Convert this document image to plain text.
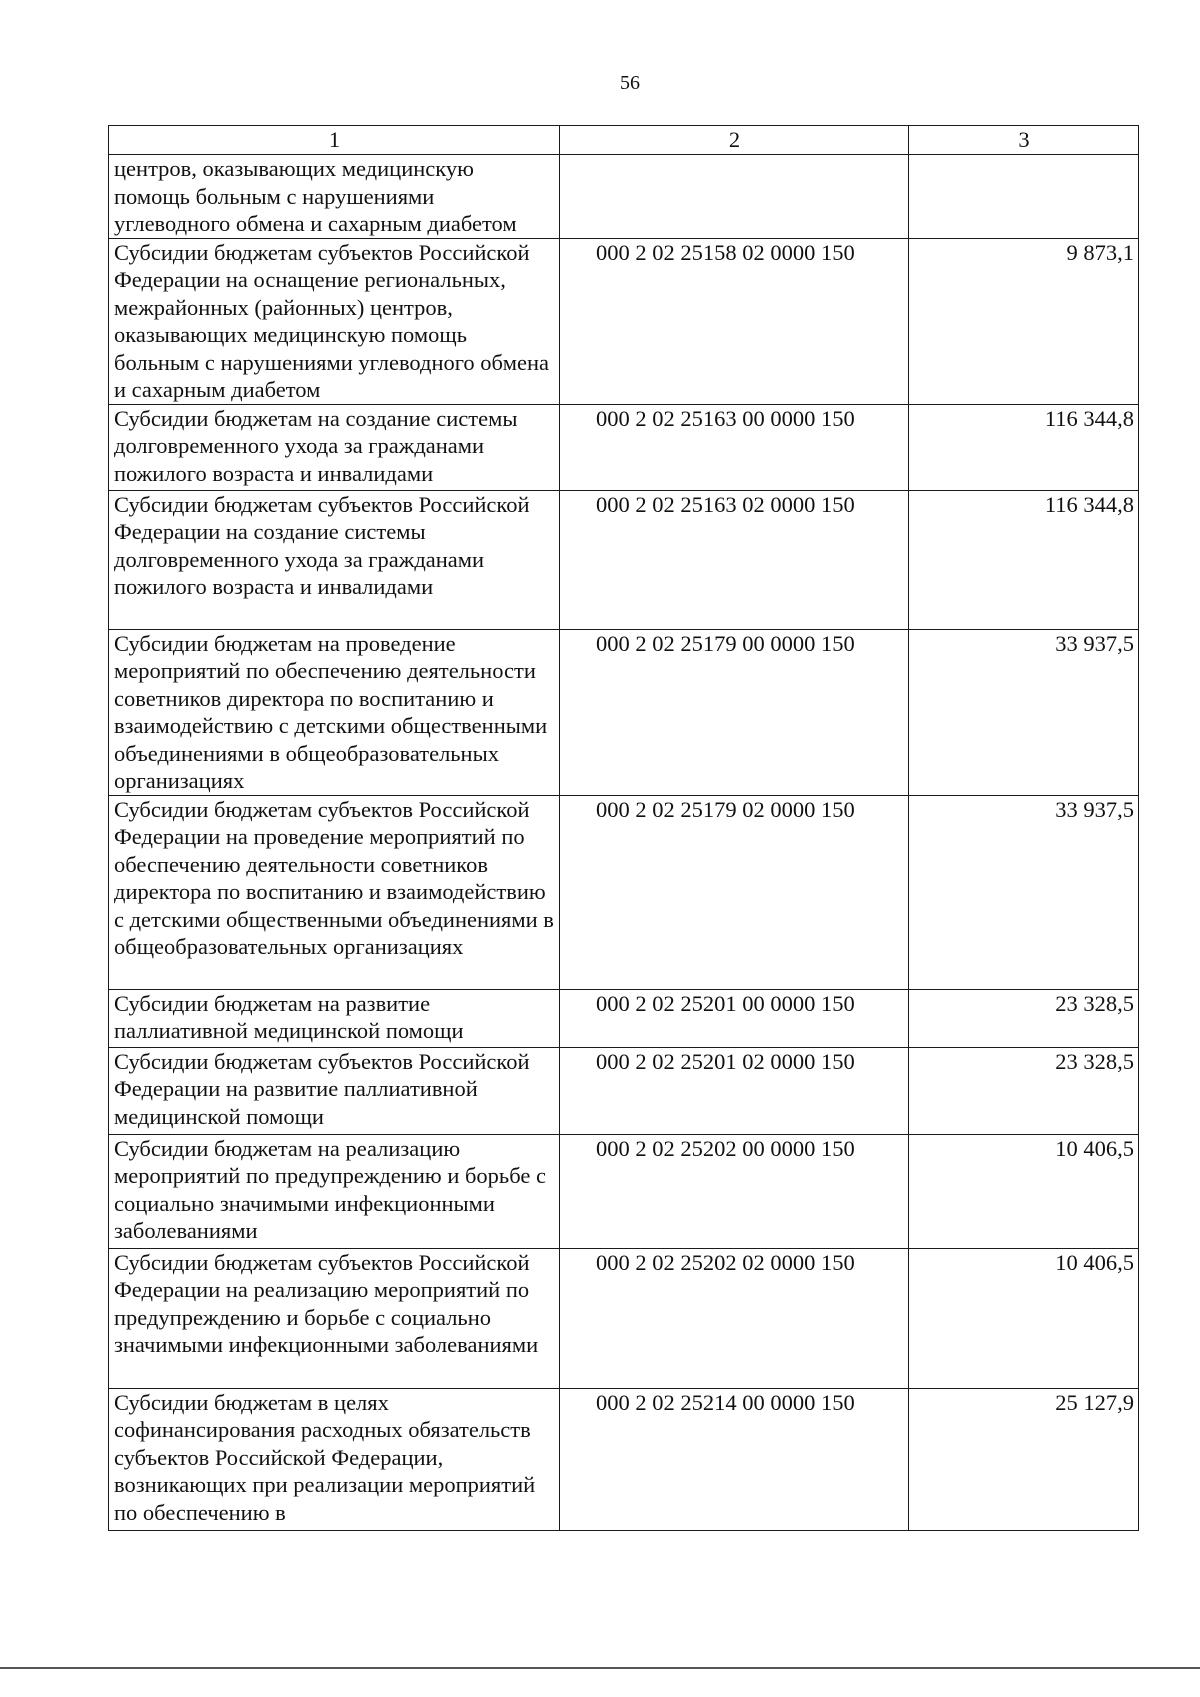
56
1	2	3
центров, оказывающих медицинскую помощь больным с нарушениями углеводного обмена и сахарным диабетом		
Субсидии бюджетам субъектов Российской Федерации на оснащение региональных, межрайонных (районных) центров, оказывающих медицинскую помощь больным с нарушениями углеводного обмена и сахарным диабетом	000 2 02 25158 02 0000 150	9 873,1
Субсидии бюджетам на создание системы долговременного ухода за гражданами пожилого возраста и инвалидами	000 2 02 25163 00 0000 150	116 344,8
Субсидии бюджетам субъектов Российской Федерации на создание системы долговременного ухода за гражданами пожилого возраста и инвалидами	000 2 02 25163 02 0000 150	116 344,8
Субсидии бюджетам на проведение мероприятий по обеспечению деятельности советников директора по воспитанию и взаимодействию с детскими общественными объединениями в общеобразовательных организациях	000 2 02 25179 00 0000 150	33 937,5
Субсидии бюджетам субъектов Российской Федерации на проведение мероприятий по обеспечению деятельности советников директора по воспитанию и взаимодействию с детскими общественными объединениями в общеобразовательных организациях	000 2 02 25179 02 0000 150	33 937,5
Субсидии бюджетам на развитие паллиативной медицинской помощи	000 2 02 25201 00 0000 150	23 328,5
Субсидии бюджетам субъектов Российской Федерации на развитие паллиативной медицинской помощи	000 2 02 25201 02 0000 150	23 328,5
Субсидии бюджетам на реализацию мероприятий по предупреждению и борьбе с социально значимыми инфекционными заболеваниями	000 2 02 25202 00 0000 150	10 406,5
Субсидии бюджетам субъектов Российской Федерации на реализацию мероприятий по предупреждению и борьбе с социально значимыми инфекционными заболеваниями	000 2 02 25202 02 0000 150	10 406,5
Субсидии бюджетам в целях софинансирования расходных обязательств субъектов Российской Федерации, возникающих при реализации мероприятий по обеспечению в	000 2 02 25214 00 0000 150	25 127,9
